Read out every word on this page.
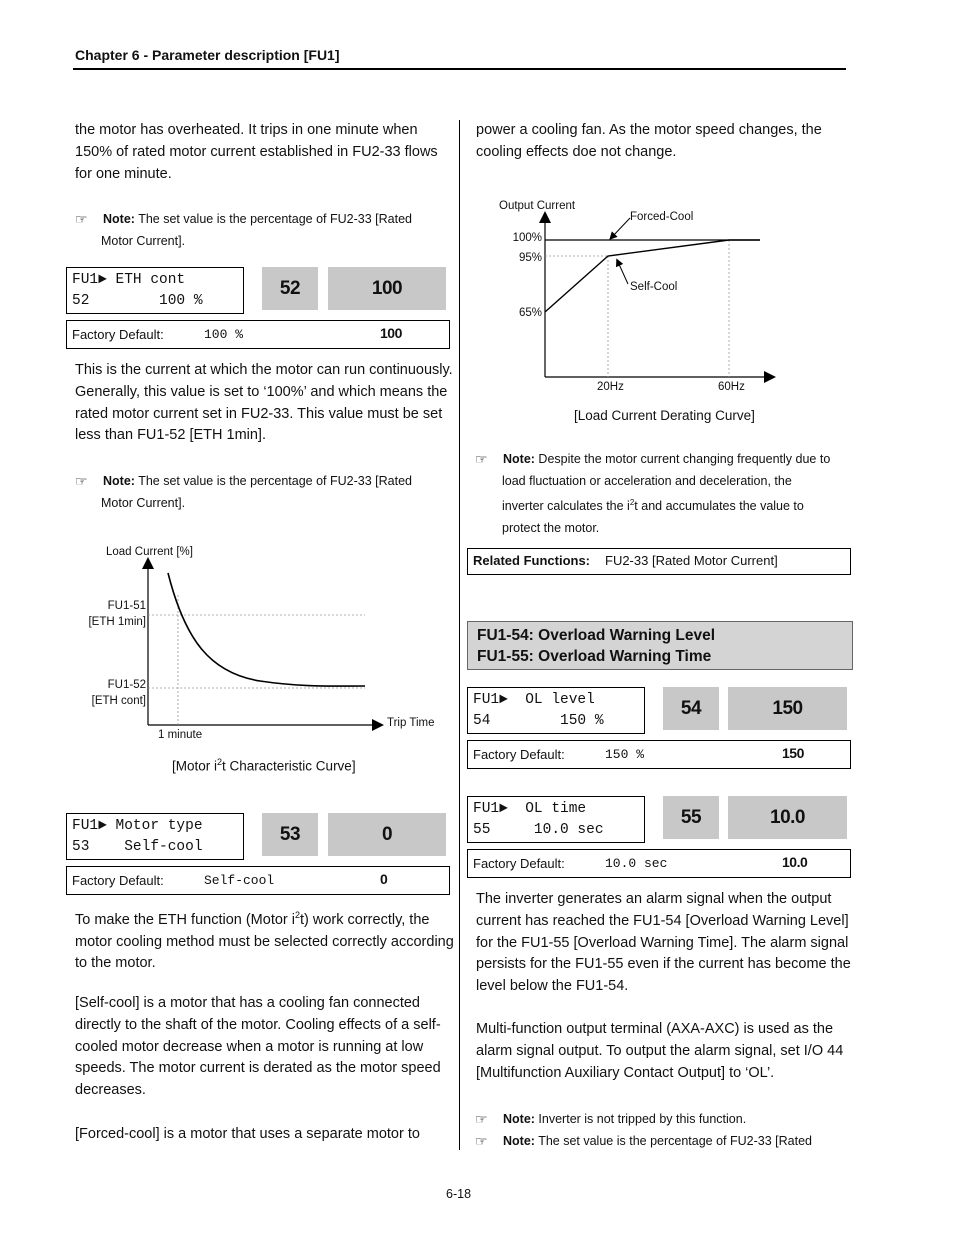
Chapter 6 - Parameter description [FU1]
the motor has overheated. It trips in one minute when
150% of rated motor current established in FU2-33 flows
for one minute.
☞ Note: The set value is the percentage of FU2-33 [Rated
Motor Current].
FU1► ETH cont
52        100 %
52	100
Factory Default:	100 %	100
This is the current at which the motor can run continuously.
Generally, this value is set to ‘100%’ and which means the
rated motor current set in FU2-33. This value must be set
less than FU1-52 [ETH 1min].
☞ Note: The set value is the percentage of FU2-33 [Rated
Motor Current].
Load Current [%]
FU1-51
[ETH 1min]
FU1-52
[ETH cont]
Trip Time
1 minute
[Motor $i^2t$ Characteristic Curve]
FU1► Motor type
53    Self-cool
53	0
Factory Default:	Self-cool	0
To make the ETH function (Motor $i^2t$) work correctly, the
motor cooling method must be selected correctly according
to the motor.
[Self-cool] is a motor that has a cooling fan connected
directly to the shaft of the motor. Cooling effects of a self-
cooled motor decrease when a motor is running at low
speeds. The motor current is derated as the motor speed
decreases.
[Forced-cool] is a motor that uses a separate motor to
power a cooling fan. As the motor speed changes, the
cooling effects doe not change.
Output Current
Forced-Cool
Self-Cool
100%
95%
65%
20Hz	60Hz
[Load Current Derating Curve]
☞ Note: Despite the motor current changing frequently due to
load fluctuation or acceleration and deceleration, the
inverter calculates the $i^2t$ and accumulates the value to
protect the motor.
Related Functions: FU2-33 [Rated Motor Current]
FU1-54: Overload Warning Level
FU1-55: Overload Warning Time
FU1►  OL level
54        150 %
54	150
Factory Default:	150 %	150
FU1►  OL time
55     10.0 sec
55	10.0
Factory Default:	10.0 sec	10.0
The inverter generates an alarm signal when the output
current has reached the FU1-54 [Overload Warning Level]
for the FU1-55 [Overload Warning Time]. The alarm signal
persists for the FU1-55 even if the current has become the
level below the FU1-54.
Multi-function output terminal (AXA-AXC) is used as the
alarm signal output. To output the alarm signal, set I/O 44
[Multifunction Auxiliary Contact Output] to ‘OL’.
☞ Note: Inverter is not tripped by this function.
☞ Note: The set value is the percentage of FU2-33 [Rated
6-18
